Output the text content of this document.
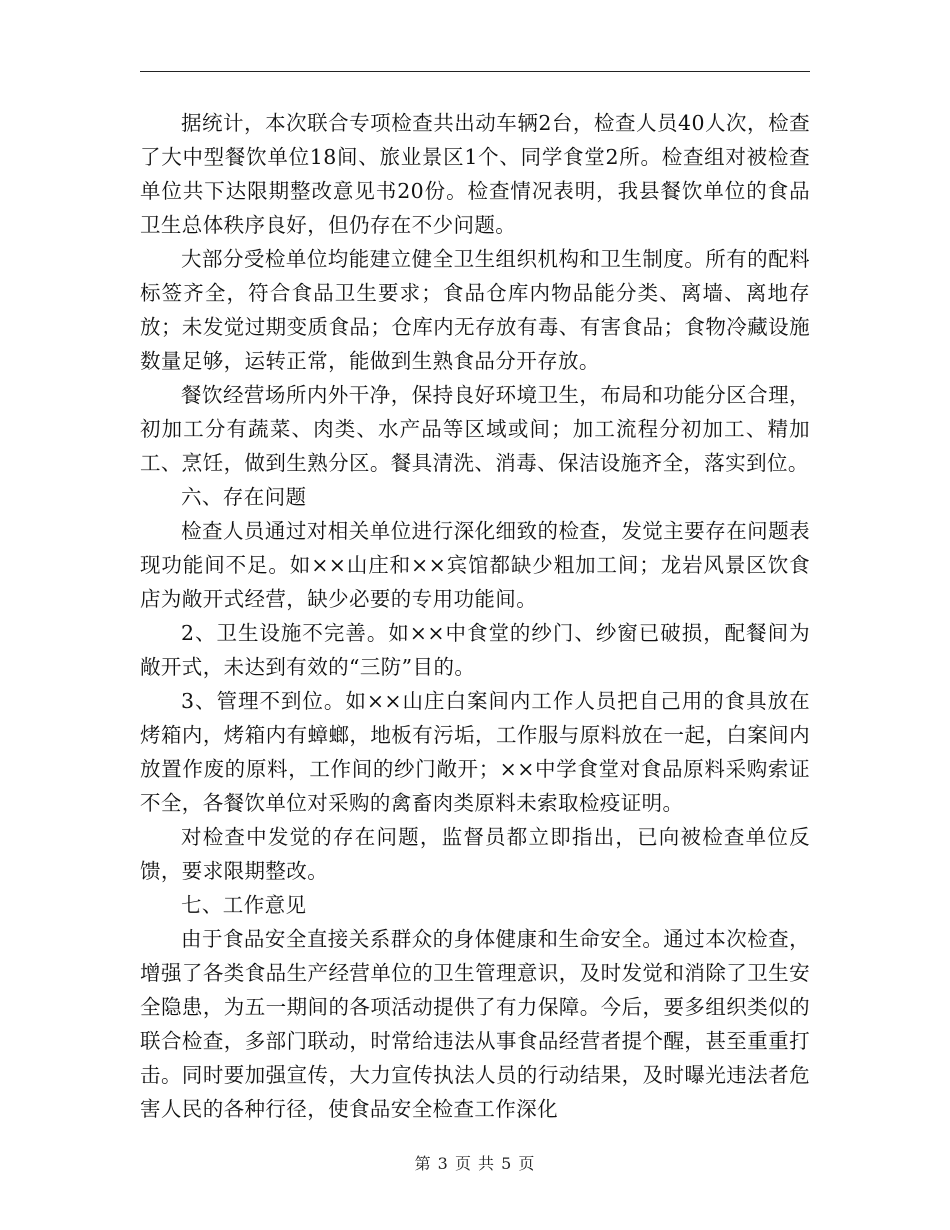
据统计，本次联合专项检查共出动车辆2台，检查人员40人次，检查了大中型餐饮单位18间、旅业景区1个、同学食堂2所。检查组对被检查单位共下达限期整改意见书20份。检查情况表明，我县餐饮单位的食品卫生总体秩序良好，但仍存在不少问题。

大部分受检单位均能建立健全卫生组织机构和卫生制度。所有的配料标签齐全，符合食品卫生要求；食品仓库内物品能分类、离墙、离地存放；未发觉过期变质食品；仓库内无存放有毒、有害食品；食物冷藏设施数量足够，运转正常，能做到生熟食品分开存放。

餐饮经营场所内外干净，保持良好环境卫生，布局和功能分区合理，初加工分有蔬菜、肉类、水产品等区域或间；加工流程分初加工、精加工、烹饪，做到生熟分区。餐具清洗、消毒、保洁设施齐全，落实到位。

六、存在问题

检查人员通过对相关单位进行深化细致的检查，发觉主要存在问题表现功能间不足。如××山庄和××宾馆都缺少粗加工间；龙岩风景区饮食店为敞开式经营，缺少必要的专用功能间。

2、卫生设施不完善。如××中食堂的纱门、纱窗已破损，配餐间为敞开式，未达到有效的“三防”目的。

3、管理不到位。如××山庄白案间内工作人员把自己用的食具放在烤箱内，烤箱内有蟑螂，地板有污垢，工作服与原料放在一起，白案间内放置作废的原料，工作间的纱门敞开；××中学食堂对食品原料采购索证不全，各餐饮单位对采购的禽畜肉类原料未索取检疫证明。

对检查中发觉的存在问题，监督员都立即指出，已向被检查单位反馈，要求限期整改。

七、工作意见

由于食品安全直接关系群众的身体健康和生命安全。通过本次检查，增强了各类食品生产经营单位的卫生管理意识，及时发觉和消除了卫生安全隐患，为五一期间的各项活动提供了有力保障。今后，要多组织类似的联合检查，多部门联动，时常给违法从事食品经营者提个醒，甚至重重打击。同时要加强宣传，大力宣传执法人员的行动结果，及时曝光违法者危害人民的各种行径，使食品安全检查工作深化

第 3 页 共 5 页
